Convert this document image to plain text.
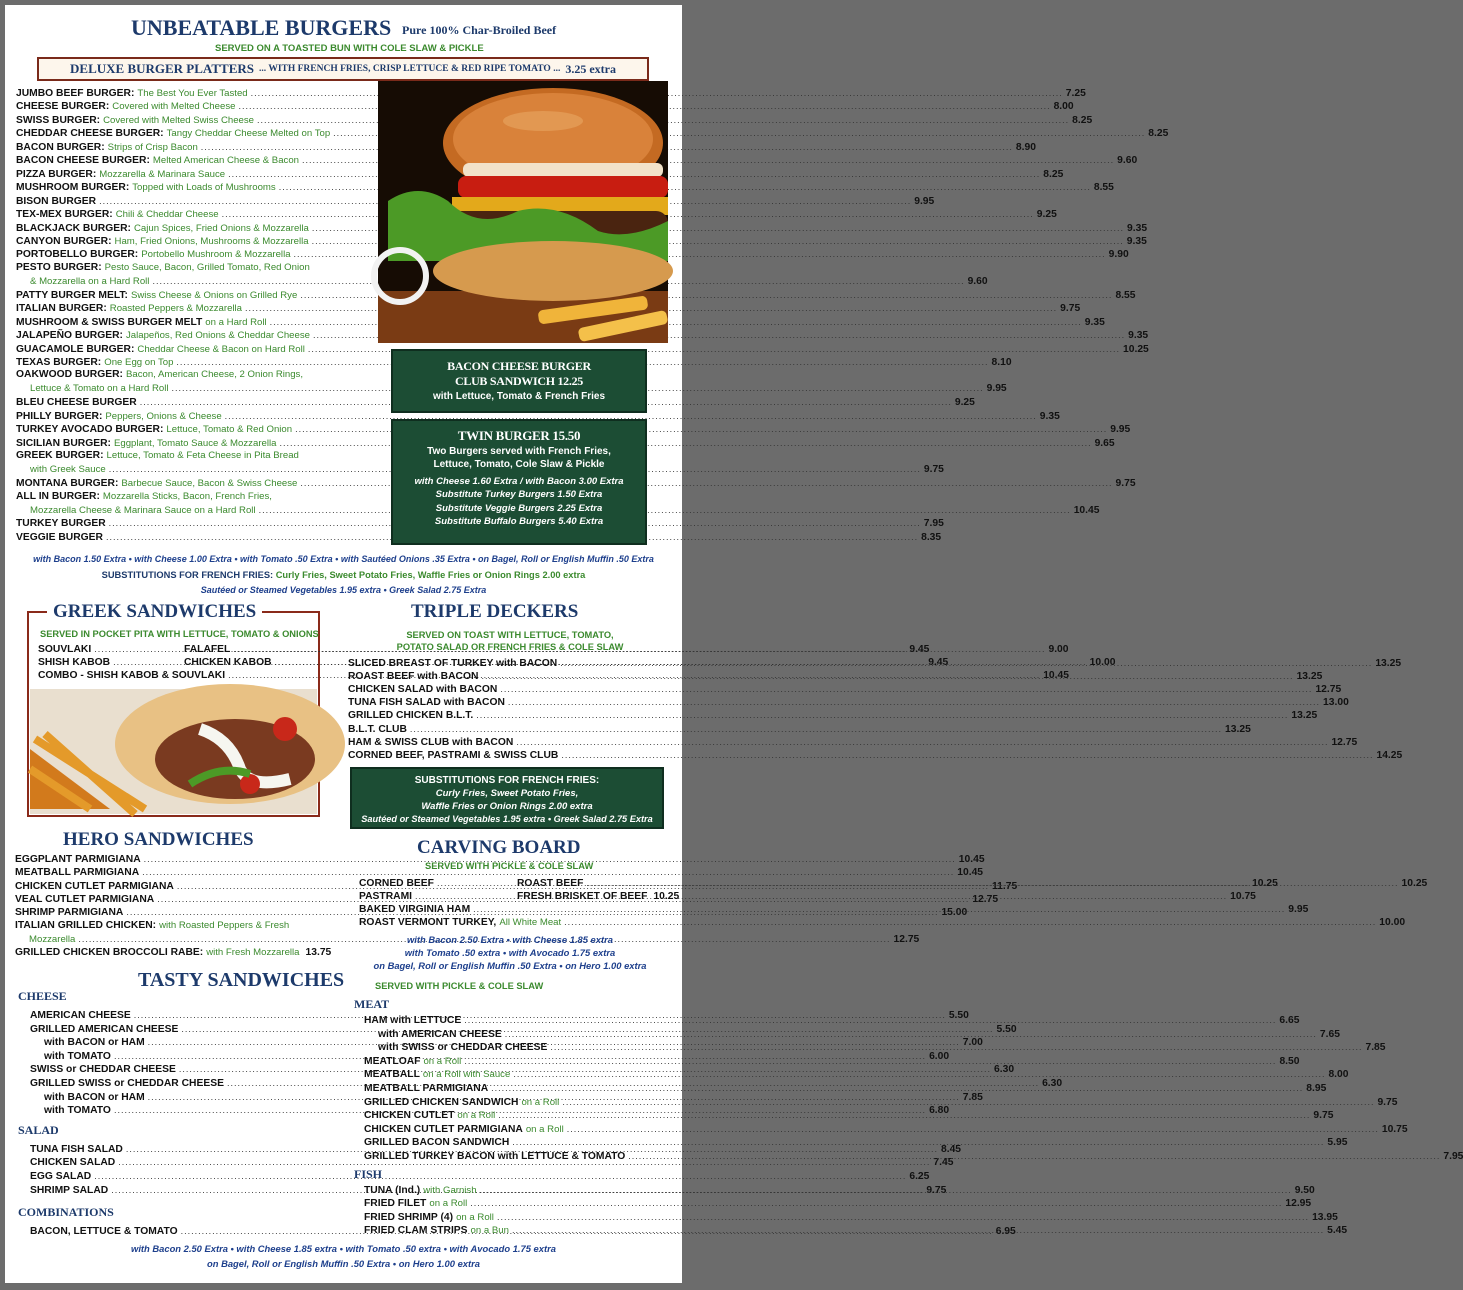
UNBEATABLE BURGERS Pure 100% Char-Broiled Beef
SERVED ON A TOASTED BUN WITH COLE SLAW & PICKLE
DELUXE BURGER PLATTERS ... WITH FRENCH FRIES, CRISP LETTUCE & RED RIPE TOMATO ... 3.25 extra
JUMBO BEEF BURGER: The Best You Ever Tasted .....	7.25
CHEESE BURGER: Covered with Melted Cheese .....	8.00
SWISS BURGER: Covered with Melted Swiss Cheese .....	8.25
CHEDDAR CHEESE BURGER: Tangy Cheddar Cheese Melted on Top .....	8.25
BACON BURGER: Strips of Crisp Bacon .....	8.90
BACON CHEESE BURGER: Melted American Cheese & Bacon .....	9.60
PIZZA BURGER: Mozzarella & Marinara Sauce .....	8.25
MUSHROOM BURGER: Topped with Loads of Mushrooms .....	8.55
BISON BURGER .....	9.95
TEX-MEX BURGER: Chili & Cheddar Cheese .....	9.25
BLACKJACK BURGER: Cajun Spices, Fried Onions & Mozzarella .....	9.35
CANYON BURGER: Ham, Fried Onions, Mushrooms & Mozzarella .....	9.35
PORTOBELLO BURGER: Portobello Mushroom & Mozzarella .....	9.90
PESTO BURGER: Pesto Sauce, Bacon, Grilled Tomato, Red Onion
& Mozzarella on a Hard Roll .....	9.60
PATTY BURGER MELT: Swiss Cheese & Onions on Grilled Rye .....	8.55
ITALIAN BURGER: Roasted Peppers & Mozzarella .....	9.75
MUSHROOM & SWISS BURGER MELT on a Hard Roll .....	9.35
JALAPEÑO BURGER: Jalapeños, Red Onions & Cheddar Cheese .....	9.35
GUACAMOLE BURGER: Cheddar Cheese & Bacon on Hard Roll .....	10.25
TEXAS BURGER: One Egg on Top .....	8.10
OAKWOOD BURGER: Bacon, American Cheese, 2 Onion Rings,
Lettuce & Tomato on a Hard Roll .....	9.95
BLEU CHEESE BURGER .....	9.25
PHILLY BURGER: Peppers, Onions & Cheese .....	9.35
TURKEY AVOCADO BURGER: Lettuce, Tomato & Red Onion .....	9.95
SICILIAN BURGER: Eggplant, Tomato Sauce & Mozzarella .....	9.65
GREEK BURGER: Lettuce, Tomato & Feta Cheese in Pita Bread
with Greek Sauce .....	9.75
MONTANA BURGER: Barbecue Sauce, Bacon & Swiss Cheese .....	9.75
ALL IN BURGER: Mozzarella Sticks, Bacon, French Fries,
Mozzarella Cheese & Marinara Sauce on a Hard Roll .....	10.45
TURKEY BURGER .....	7.95
VEGGIE BURGER .....	8.35
BACON CHEESE BURGER
CLUB SANDWICH 12.25
with Lettuce, Tomato & French Fries
TWIN BURGER 15.50
Two Burgers served with French Fries,
Lettuce, Tomato, Cole Slaw & Pickle
with Cheese 1.60 Extra / with Bacon 3.00 Extra
Substitute Turkey Burgers 1.50 Extra
Substitute Veggie Burgers 2.25 Extra
Substitute Buffalo Burgers 5.40 Extra
with Bacon 1.50 Extra • with Cheese 1.00 Extra • with Tomato .50 Extra • with Sautéed Onions .35 Extra • on Bagel, Roll or English Muffin .50 Extra
SUBSTITUTIONS FOR FRENCH FRIES: Curly Fries, Sweet Potato Fries, Waffle Fries or Onion Rings 2.00 extra
Sautéed or Steamed Vegetables 1.95 extra • Greek Salad 2.75 Extra
GREEK SANDWICHES
SERVED IN POCKET PITA WITH LETTUCE, TOMATO & ONIONS
SOUVLAKI .....	9.45
FALAFEL .....	9.00
SHISH KABOB .....	9.45
CHICKEN KABOB .....	10.00
COMBO - SHISH KABOB & SOUVLAKI .....	10.45
TRIPLE DECKERS
SERVED ON TOAST WITH LETTUCE, TOMATO,
POTATO SALAD OR FRENCH FRIES & COLE SLAW
SLICED BREAST OF TURKEY with BACON .....	13.25
ROAST BEEF with BACON .....	13.25
CHICKEN SALAD with BACON .....	12.75
TUNA FISH SALAD with BACON .....	13.00
GRILLED CHICKEN B.L.T. .....	13.25
B.L.T. CLUB .....	13.25
HAM & SWISS CLUB with BACON .....	12.75
CORNED BEEF, PASTRAMI & SWISS CLUB .....	14.25
SUBSTITUTIONS FOR FRENCH FRIES:
Curly Fries, Sweet Potato Fries,
Waffle Fries or Onion Rings 2.00 extra
Sautéed or Steamed Vegetables 1.95 extra • Greek Salad 2.75 Extra
HERO SANDWICHES
EGGPLANT PARMIGIANA .....	10.45
MEATBALL PARMIGIANA .....	10.45
CHICKEN CUTLET PARMIGIANA .....	11.75
VEAL CUTLET PARMIGIANA .....	12.75
SHRIMP PARMIGIANA .....	15.00
ITALIAN GRILLED CHICKEN: with Roasted Peppers & Fresh
Mozzarella .....	12.75
GRILLED CHICKEN BROCCOLI RABE: with Fresh Mozzarella 13.75
CARVING BOARD
SERVED WITH PICKLE & COLE SLAW
CORNED BEEF .....	10.25
PASTRAMI .....	10.75
ROAST BEEF .....	10.25
FRESH BRISKET OF BEEF 10.25
BAKED VIRGINIA HAM .....	9.95
ROAST VERMONT TURKEY, All White Meat .....	10.00
with Bacon 2.50 Extra • with Cheese 1.85 extra
with Tomato .50 extra • with Avocado 1.75 extra
on Bagel, Roll or English Muffin .50 Extra • on Hero 1.00 extra
TASTY SANDWICHES	SERVED WITH PICKLE & COLE SLAW
CHEESE
AMERICAN CHEESE .....	5.50
GRILLED AMERICAN CHEESE .....	5.50
with BACON or HAM .....	7.00
with TOMATO .....	6.00
SWISS or CHEDDAR CHEESE .....	6.30
GRILLED SWISS or CHEDDAR CHEESE .....	6.30
with BACON or HAM .....	7.85
with TOMATO .....	6.80
SALAD
TUNA FISH SALAD .....	8.45
CHICKEN SALAD .....	7.45
EGG SALAD .....	6.25
SHRIMP SALAD .....	9.75
COMBINATIONS
BACON, LETTUCE & TOMATO .....	6.95
MEAT
HAM with LETTUCE .....	6.65
with AMERICAN CHEESE .....	7.65
with SWISS or CHEDDAR CHEESE .....	7.85
MEATLOAF on a Roll .....	8.50
MEATBALL on a Roll with Sauce .....	8.00
MEATBALL PARMIGIANA .....	8.95
GRILLED CHICKEN SANDWICH on a Roll .....	9.75
CHICKEN CUTLET on a Roll .....	9.75
CHICKEN CUTLET PARMIGIANA on a Roll .....	10.75
GRILLED BACON SANDWICH .....	5.95
GRILLED TURKEY BACON with LETTUCE & TOMATO .....	7.95
FISH
TUNA (Ind.) with Garnish .....	9.50
FRIED FILET on a Roll .....	12.95
FRIED SHRIMP (4) on a Roll .....	13.95
FRIED CLAM STRIPS on a Bun .....	5.45
with Bacon 2.50 Extra • with Cheese 1.85 extra • with Tomato .50 extra • with Avocado 1.75 extra
on Bagel, Roll or English Muffin .50 Extra • on Hero 1.00 extra
